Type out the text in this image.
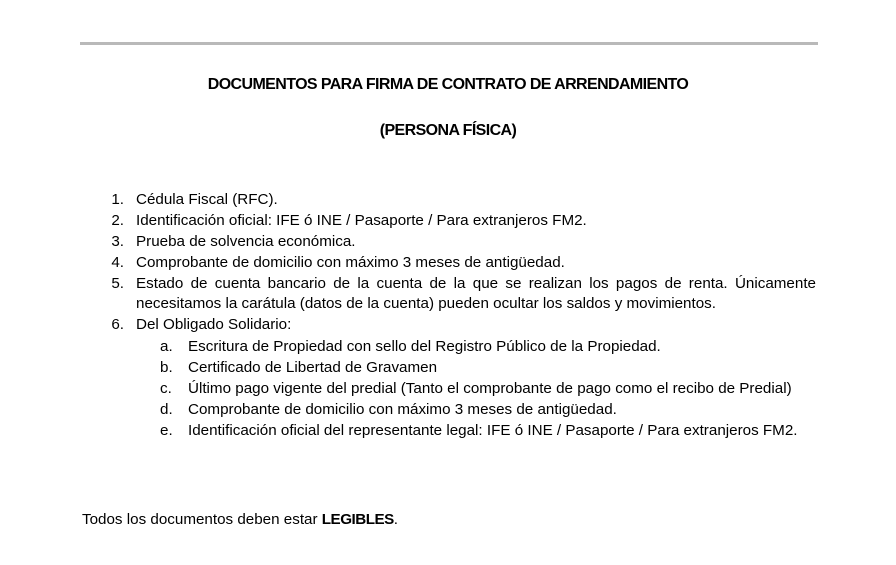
DOCUMENTOS PARA FIRMA DE CONTRATO DE ARRENDAMIENTO
(PERSONA FÍSICA)
1. Cédula Fiscal (RFC).
2. Identificación oficial: IFE ó INE / Pasaporte / Para extranjeros FM2.
3. Prueba de solvencia económica.
4. Comprobante de domicilio con máximo 3 meses de antigüedad.
5. Estado de cuenta bancario de la cuenta de la que se realizan los pagos de renta. Únicamente necesitamos la carátula (datos de la cuenta) pueden ocultar los saldos y movimientos.
6. Del Obligado Solidario:
a. Escritura de Propiedad con sello del Registro Público de la Propiedad.
b. Certificado de Libertad de Gravamen
c. Último pago vigente del predial (Tanto el comprobante de pago como el recibo de Predial)
d. Comprobante de domicilio con máximo 3 meses de antigüedad.
e. Identificación oficial del representante legal: IFE ó INE / Pasaporte / Para extranjeros FM2.
Todos los documentos deben estar LEGIBLES.
